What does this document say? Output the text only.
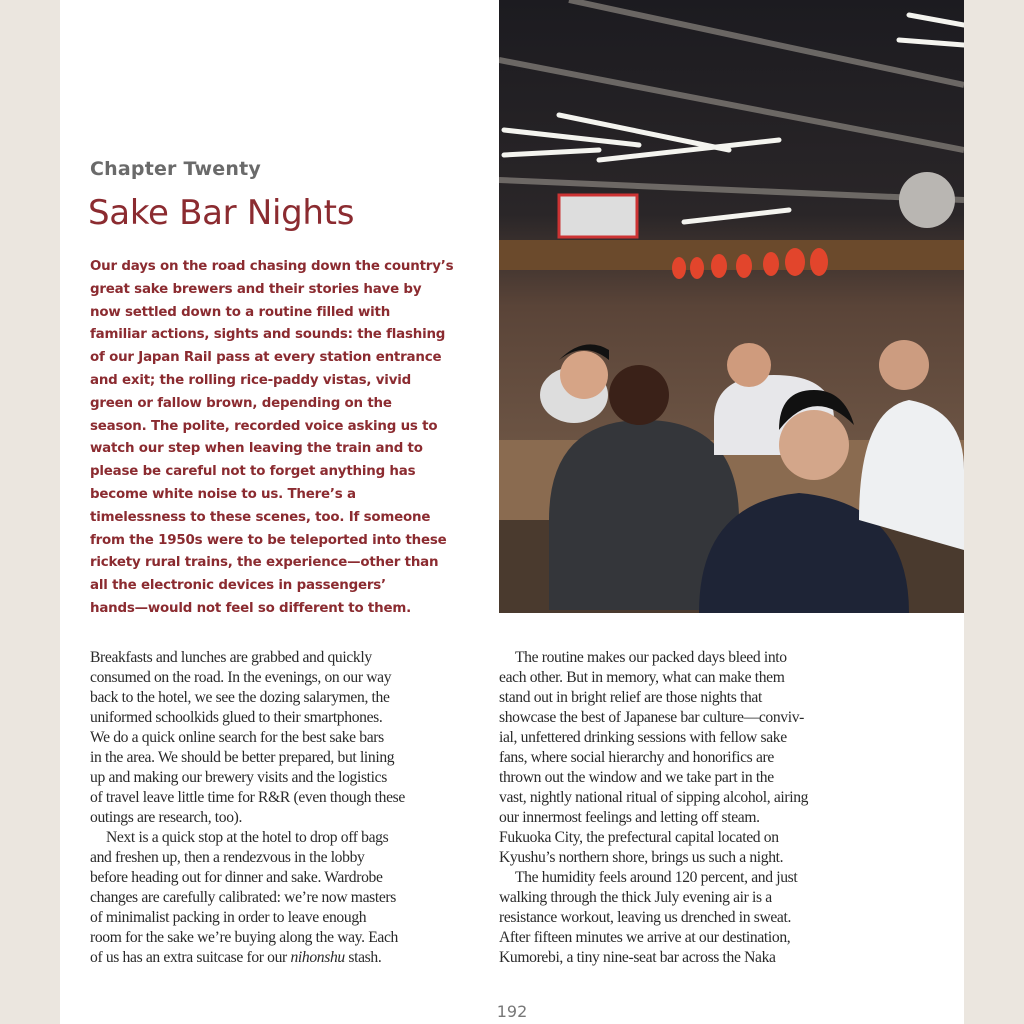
Chapter Twenty
Sake Bar Nights
Our days on the road chasing down the country’s
great sake brewers and their stories have by
now settled down to a routine filled with
familiar actions, sights and sounds: the flashing
of our Japan Rail pass at every station entrance
and exit; the rolling rice-paddy vistas, vivid
green or fallow brown, depending on the
season. The polite, recorded voice asking us to
watch our step when leaving the train and to
please be careful not to forget anything has
become white noise to us. There’s a
timelessness to these scenes, too. If someone
from the 1950s were to be teleported into these
rickety rural trains, the experience—other than
all the electronic devices in passengers’
hands—would not feel so different to them.
Breakfasts and lunches are grabbed and quickly
consumed on the road. In the evenings, on our way
back to the hotel, we see the dozing salarymen, the
uniformed schoolkids glued to their smartphones.
We do a quick online search for the best sake bars
in the area. We should be better prepared, but lining
up and making our brewery visits and the logistics
of travel leave little time for R&R (even though these
outings are research, too).
Next is a quick stop at the hotel to drop off bags
and freshen up, then a rendezvous in the lobby
before heading out for dinner and sake. Wardrobe
changes are carefully calibrated: we’re now masters
of minimalist packing in order to leave enough
room for the sake we’re buying along the way. Each
of us has an extra suitcase for our nihonshu stash.
The routine makes our packed days bleed into
each other. But in memory, what can make them
stand out in bright relief are those nights that
showcase the best of Japanese bar culture—conviv-
ial, unfettered drinking sessions with fellow sake
fans, where social hierarchy and honorifics are
thrown out the window and we take part in the
vast, nightly national ritual of sipping alcohol, airing
our innermost feelings and letting off steam.
Fukuoka City, the prefectural capital located on
Kyushu’s northern shore, brings us such a night.
The humidity feels around 120 percent, and just
walking through the thick July evening air is a
resistance workout, leaving us drenched in sweat.
After fifteen minutes we arrive at our destination,
Kumorebi, a tiny nine-seat bar across the Naka
192
